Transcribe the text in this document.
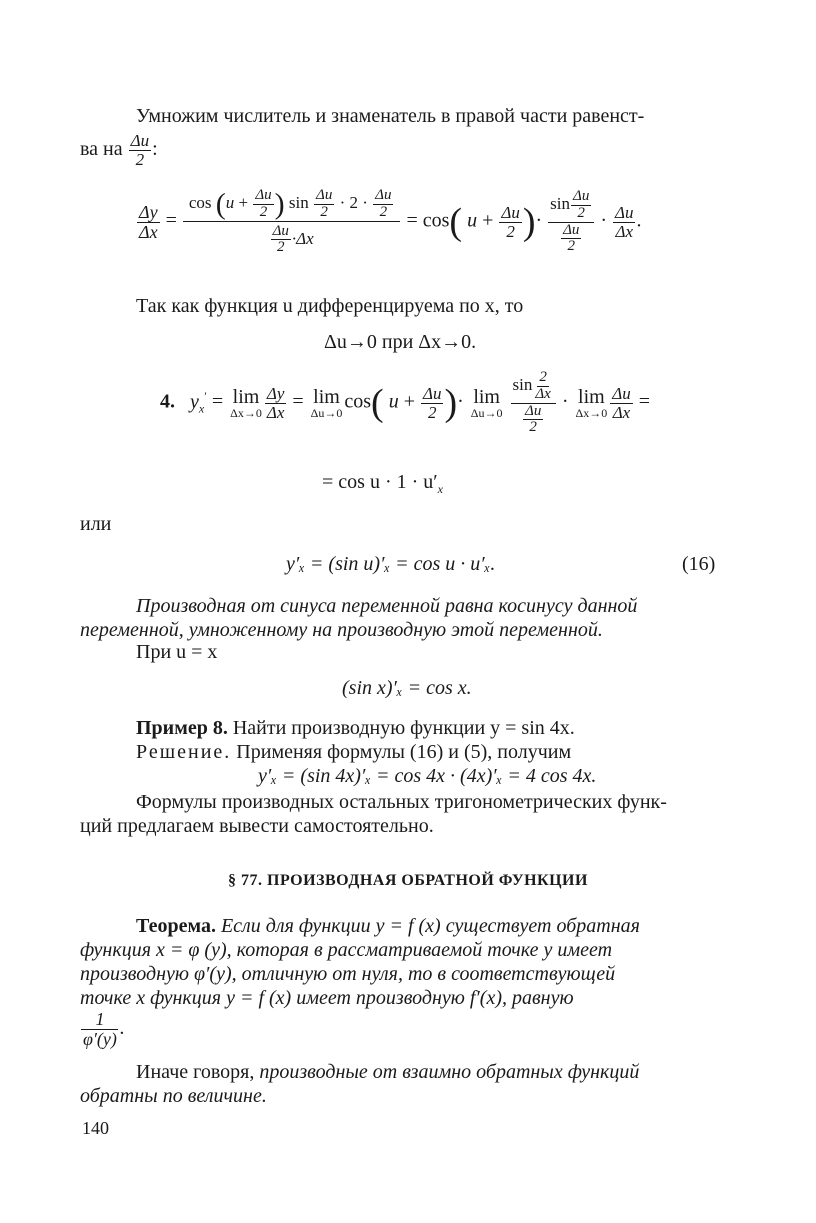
Умножим числитель и знаменатель в правой части равенст-
ва на $\frac{\Delta u}{2}$ :
$\frac{\Delta y}{\Delta x}$ =
$\cos (u + \frac{\Delta u}{2}$ ) $\sin \frac{\Delta u}{2} \cdot 2 \cdot \frac{\Delta u}{2}$
$\frac{\Delta u}{2} \cdot\Delta x$
= cos( $u + \frac{\Delta u}{2}$ )· $\frac{\sin \frac{\Delta u}{2}}{\frac{\Delta u}{2}} \cdot \frac{\Delta u}{\Delta x}$ .
Так как функция u дифференцируема по x, то
Δu→0 при Δx→0.
4. $y_x' = \lim$
$\Delta x\to 0 \frac{\Delta y}{\Delta x} = \lim$
Δu→0
cos( $u + \frac{\Delta u}{2}$ )· lim
Δu→0
$\frac{\sin \frac{2}{\Delta x}}{\frac{\Delta u}{2}} \cdot \lim$
$\Delta x\to 0 \frac{\Delta u}{\Delta x}$ =
= $\cos u \cdot 1 \cdot u'_x$
или
y′ₓ = (sin u)′ₓ = cos u · u′ₓ.	(16)
Производная от синуса переменной равна косинусу данной
переменной, умноженному на производную этой переменной.
При u = x
(sin x)′ₓ = cos x.
Пример 8. Найти производную функции y = sin 4x.
Решение. Применяя формулы (16) и (5), получим
y′ₓ = (sin 4x)′ₓ = cos 4x · (4x)′ₓ = 4 cos 4x.
Формулы производных остальных тригонометрических функ-
ций предлагаем вывести самостоятельно.
§ 77. ПРОИЗВОДНАЯ ОБРАТНОЙ ФУНКЦИИ
Теорема. Если для функции y = f (x) существует обратная
функция x = φ (y), которая в рассматриваемой точке y имеет
производную φ′(y), отличную от нуля, то в соответствующей
точке x функция y = f (x) имеет производную f′(x), равную
$\frac{1}{\varphi'(y)}$ .
Иначе говоря, производные от взаимно обратных функций
обратны по величине.
140
